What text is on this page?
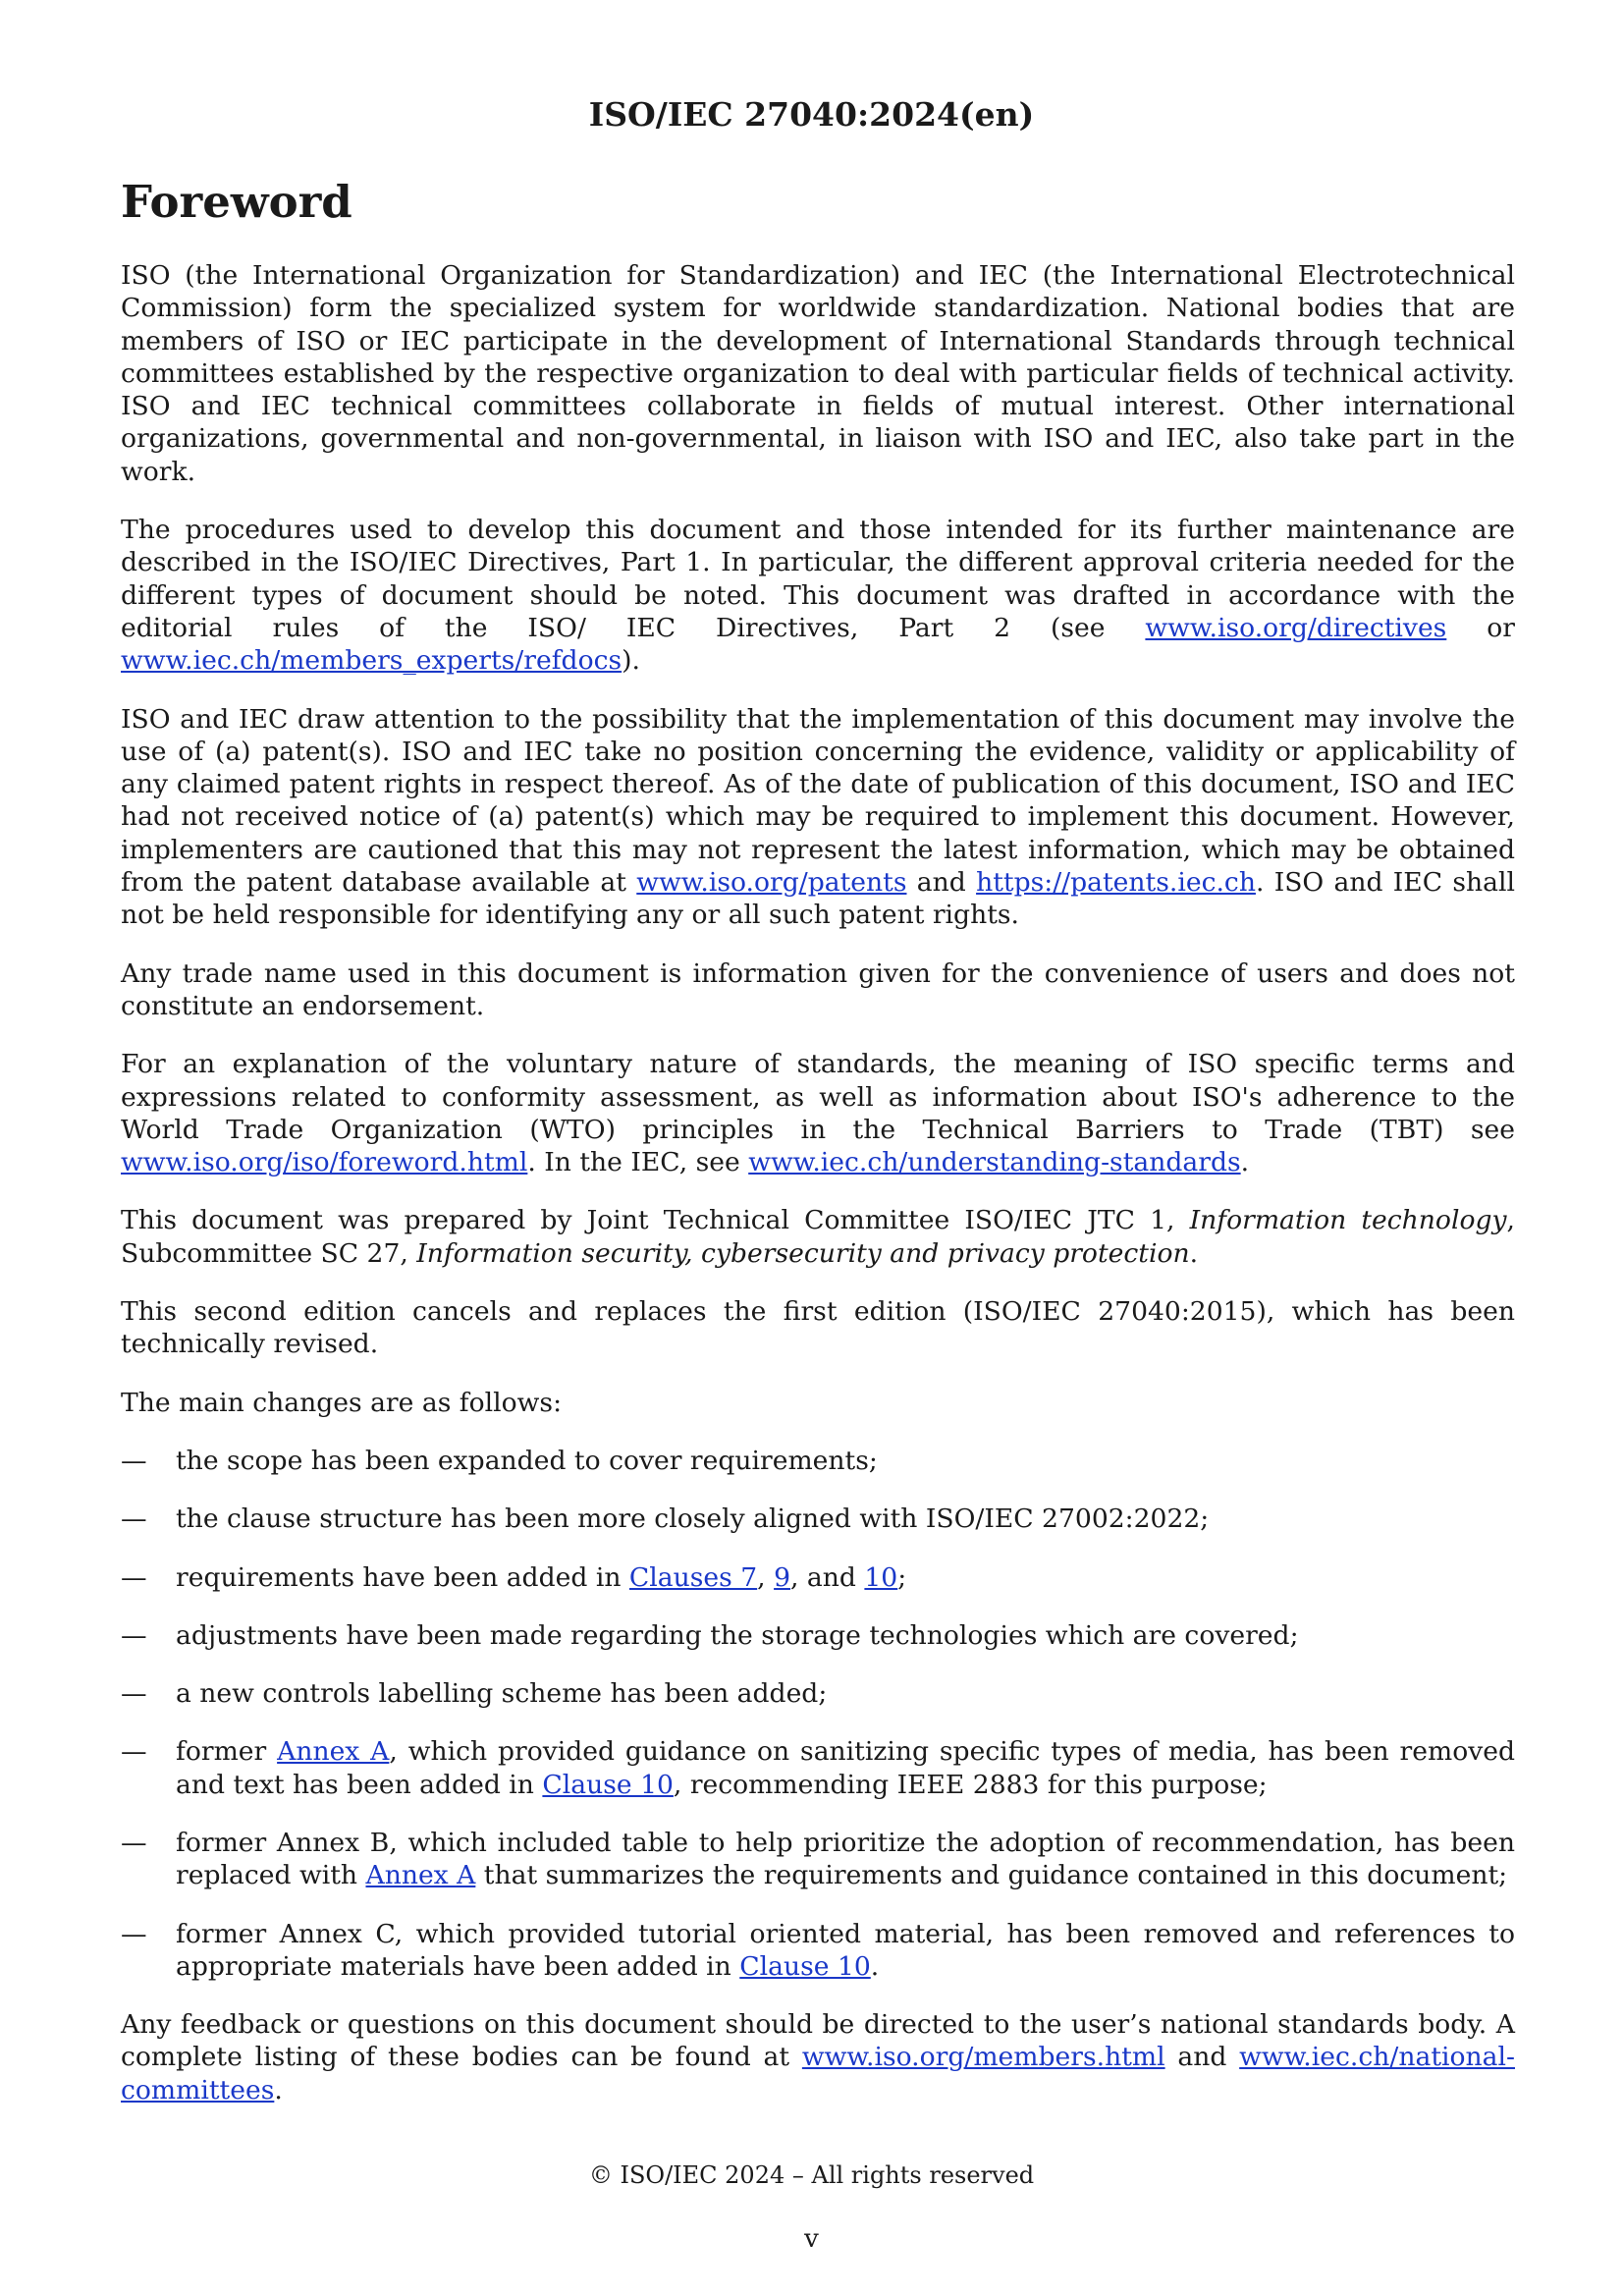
ISO/IEC 27040:2024(en)
Foreword

ISO (the International Organization for Standardization) and IEC (the International Electrotechnical Commission) form the specialized system for worldwide standardization. National bodies that are members of ISO or IEC participate in the development of International Standards through technical committees established by the respective organization to deal with particular fields of technical activity. ISO and IEC technical committees collaborate in fields of mutual interest. Other international organizations, governmental and non-governmental, in liaison with ISO and IEC, also take part in the work.

The procedures used to develop this document and those intended for its further maintenance are described in the ISO/IEC Directives, Part 1. In particular, the different approval criteria needed for the different types of document should be noted. This document was drafted in accordance with the editorial rules of the ISO/ IEC Directives, Part 2 (see www.iso.org/directives or www.iec.ch/members_experts/refdocs).

ISO and IEC draw attention to the possibility that the implementation of this document may involve the use of (a) patent(s). ISO and IEC take no position concerning the evidence, validity or applicability of any claimed patent rights in respect thereof. As of the date of publication of this document, ISO and IEC had not received notice of (a) patent(s) which may be required to implement this document. However, implementers are cautioned that this may not represent the latest information, which may be obtained from the patent database available at www.iso.org/patents and https://patents.iec.ch. ISO and IEC shall not be held responsible for identifying any or all such patent rights.

Any trade name used in this document is information given for the convenience of users and does not constitute an endorsement.

For an explanation of the voluntary nature of standards, the meaning of ISO specific terms and expressions related to conformity assessment, as well as information about ISO's adherence to the World Trade Organization (WTO) principles in the Technical Barriers to Trade (TBT) see www.iso.org/iso/foreword.html. In the IEC, see www.iec.ch/understanding-standards.

This document was prepared by Joint Technical Committee ISO/IEC JTC 1, Information technology, Subcommittee SC 27, Information security, cybersecurity and privacy protection.

This second edition cancels and replaces the first edition (ISO/IEC 27040:2015), which has been technically revised.

The main changes are as follows:

— the scope has been expanded to cover requirements;
— the clause structure has been more closely aligned with ISO/IEC 27002:2022;
— requirements have been added in Clauses 7, 9, and 10;
— adjustments have been made regarding the storage technologies which are covered;
— a new controls labelling scheme has been added;
— former Annex A, which provided guidance on sanitizing specific types of media, has been removed and text has been added in Clause 10, recommending IEEE 2883 for this purpose;
— former Annex B, which included table to help prioritize the adoption of recommendation, has been replaced with Annex A that summarizes the requirements and guidance contained in this document;
— former Annex C, which provided tutorial oriented material, has been removed and references to appropriate materials have been added in Clause 10.

Any feedback or questions on this document should be directed to the user’s national standards body. A complete listing of these bodies can be found at www.iso.org/members.html and www.iec.ch/national-committees.

© ISO/IEC 2024 – All rights reserved
v
